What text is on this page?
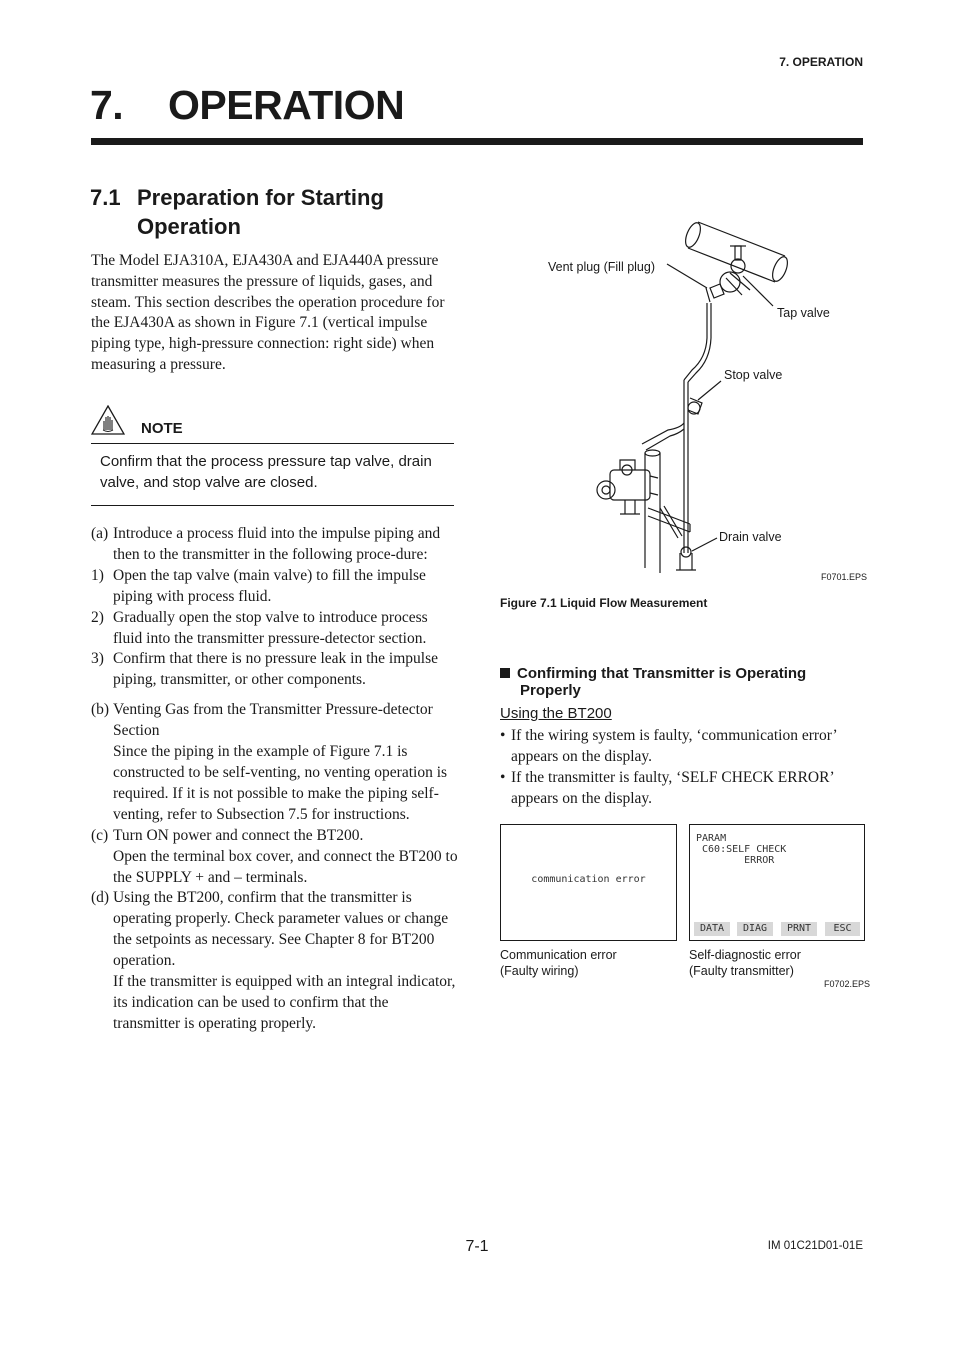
7. OPERATION
7. OPERATION
7.1 Preparation for Starting
Operation
The Model EJA310A, EJA430A and EJA440A pressure transmitter measures the pressure of liquids, gases, and steam. This section describes the operation procedure for the EJA430A as shown in Figure 7.1 (vertical impulse piping type, high-pressure connection: right side) when measuring a pressure.
NOTE
Confirm that the process pressure tap valve, drain valve, and stop valve are closed.
(a) Introduce a process fluid into the impulse piping and then to the transmitter in the following proce-dure:
1) Open the tap valve (main valve) to fill the impulse piping with process fluid.
2) Gradually open the stop valve to introduce process fluid into the transmitter pressure-detector section.
3) Confirm that there is no pressure leak in the impulse piping, transmitter, or other components.
(b) Venting Gas from the Transmitter Pressure-detector Section
Since the piping in the example of Figure 7.1 is constructed to be self-venting, no venting operation is required. If it is not possible to make the piping self-venting, refer to Subsection 7.5 for instructions.
(c) Turn ON power and connect the BT200.
Open the terminal box cover, and connect the BT200 to the SUPPLY + and – terminals.
(d) Using the BT200, confirm that the transmitter is operating properly. Check parameter values or change the setpoints as necessary. See Chapter 8 for BT200 operation.
If the transmitter is equipped with an integral indicator, its indication can be used to confirm that the transmitter is operating properly.
Vent plug (Fill plug)
Tap valve
Stop valve
Drain valve
F0701.EPS
Figure 7.1 Liquid Flow Measurement
Confirming that Transmitter is Operating
Properly
Using the BT200
• If the wiring system is faulty, ‘communication error’ appears on the display.
• If the transmitter is faulty, ‘SELF CHECK ERROR’ appears on the display.
communication error
Communication error
(Faulty wiring)
PARAM
C60:SELF CHECK
ERROR
DATA	DIAG	PRNT	ESC
Self-diagnostic error
(Faulty transmitter)
F0702.EPS
7-1	IM 01C21D01-01E
